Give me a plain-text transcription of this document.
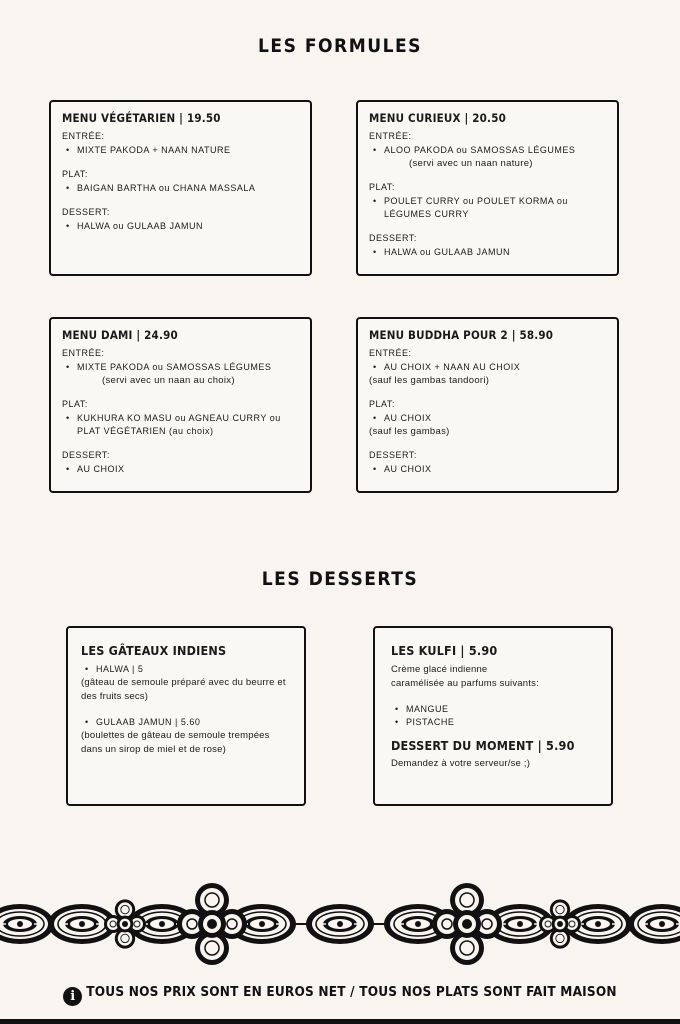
LES FORMULES
MENU VÉGÉTARIEN | 19.50
ENTRÉE:
• MIXTE PAKODA + NAAN NATURE
PLAT:
• BAIGAN BARTHA ou CHANA MASSALA
DESSERT:
• HALWA ou GULAAB JAMUN
MENU CURIEUX | 20.50
ENTRÉE:
• ALOO PAKODA ou SAMOSSAS LÉGUMES
(servi avec un naan nature)
PLAT:
• POULET CURRY ou POULET KORMA ou LÉGUMES CURRY
DESSERT:
• HALWA ou GULAAB JAMUN
MENU DAMI | 24.90
ENTRÉE:
• MIXTE PAKODA ou SAMOSSAS LÉGUMES
(servi avec un naan au choix)
PLAT:
• KUKHURA KO MASU ou AGNEAU CURRY ou PLAT VÉGÉTARIEN (au choix)
DESSERT:
• AU CHOIX
MENU BUDDHA POUR 2 | 58.90
ENTRÉE:
• AU CHOIX + NAAN AU CHOIX
(sauf les gambas tandoori)
PLAT:
• AU CHOIX
(sauf les gambas)
DESSERT:
• AU CHOIX
LES DESSERTS
LES GÂTEAUX INDIENS
• HALWA | 5
(gâteau de semoule préparé avec du beurre et des fruits secs)
• GULAAB JAMUN | 5.60
(boulettes de gâteau de semoule trempées dans un sirop de miel et de rose)
LES KULFI | 5.90
Crème glacé indienne caramélisée au parfums suivants:
• MANGUE
• PISTACHE
DESSERT DU MOMENT | 5.90
Demandez à votre serveur/se ;)
i TOUS NOS PRIX SONT EN EUROS NET / TOUS NOS PLATS SONT FAIT MAISON
